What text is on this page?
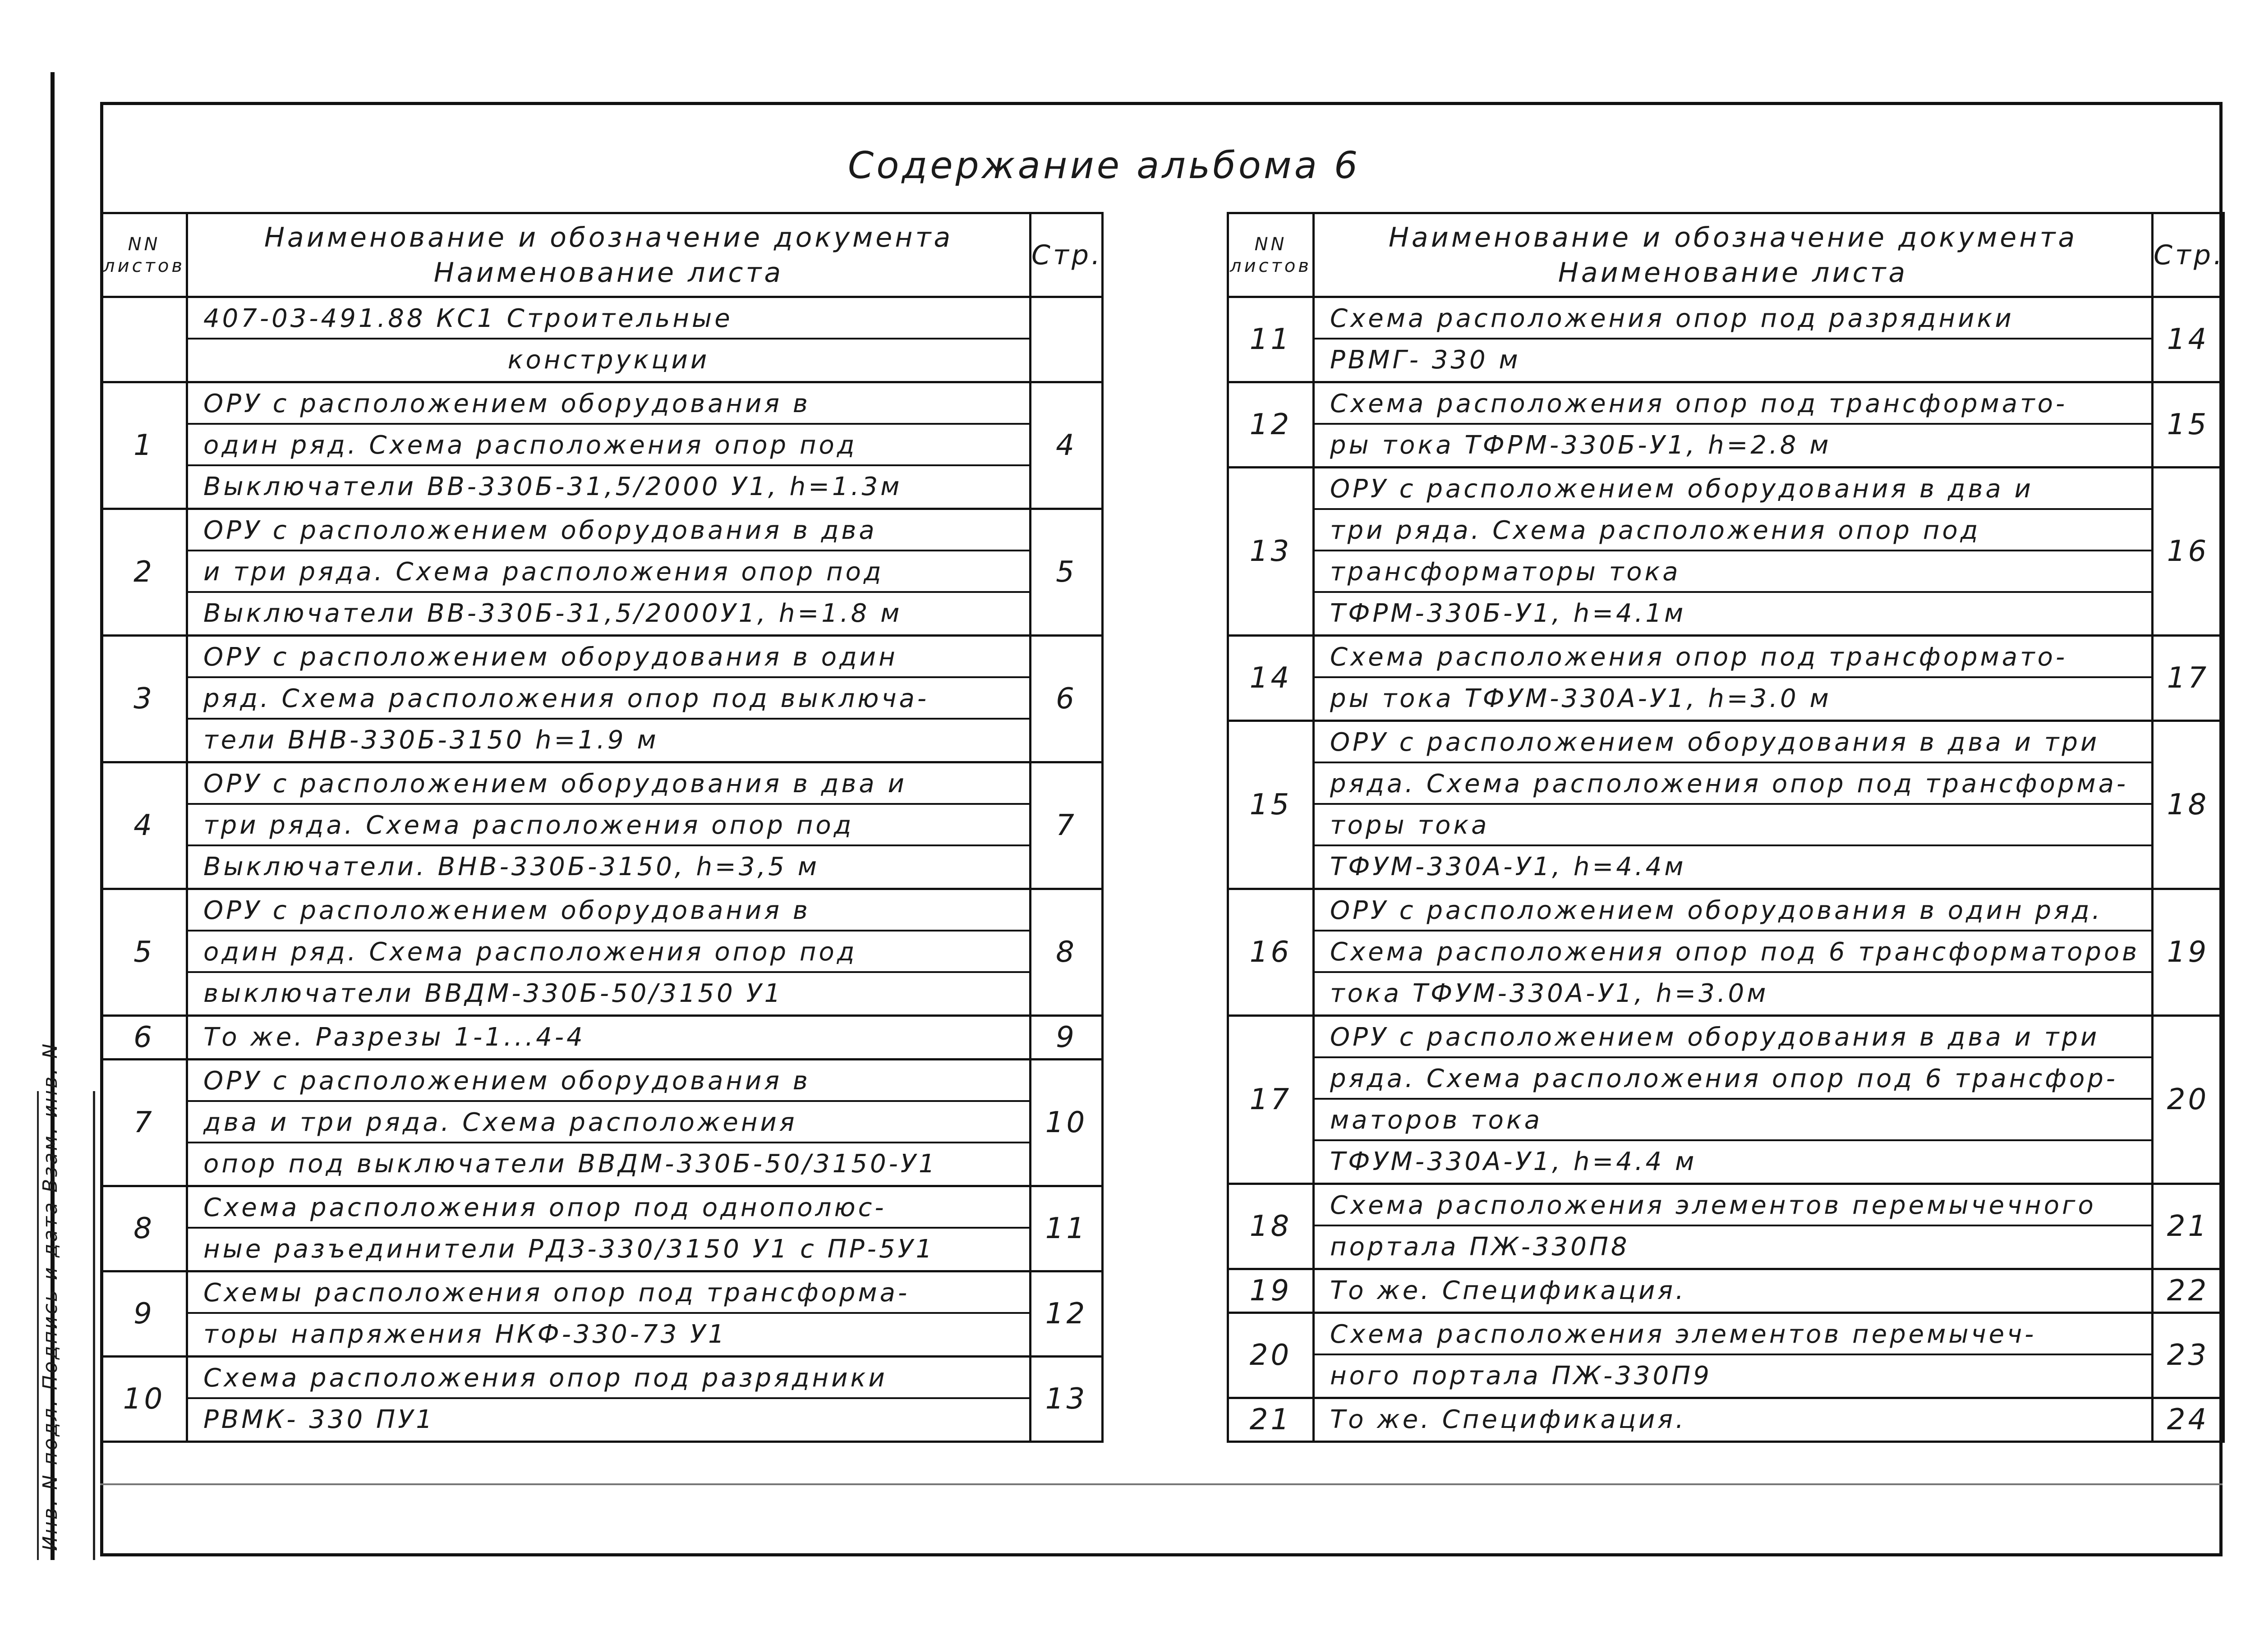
Инв. N подл. Подпись и дата Взам. инв. N
Содержание альбома 6
NN листов	Наименование и обозначение документа
Наименование листа	Стр.

	407-03-491.88 КС1 Строительные
конструкции	

1	ОРУ с расположением оборудования в
один ряд. Схема расположения опор под
Выключатели ВВ-330Б-31,5/2000 У1, h=1.3м	4
2	ОРУ с расположением оборудования в два
и три ряда. Схема расположения опор под
Выключатели ВВ-330Б-31,5/2000У1, h=1.8 м	5
3	ОРУ с расположением оборудования в один
ряд. Схема расположения опор под выключа-
тели ВНВ-330Б-3150 h=1.9 м	6
4	ОРУ с расположением оборудования в два и
три ряда. Схема расположения опор под
Выключатели. ВНВ-330Б-3150, h=3,5 м	7
5	ОРУ с расположением оборудования в
один ряд. Схема расположения опор под
выключатели ВВДМ-330Б-50/3150 У1	8
6	То же. Разрезы 1-1...4-4	9
7	ОРУ с расположением оборудования в
два и три ряда. Схема расположения
опор под выключатели ВВДМ-330Б-50/3150-У1	10
8	Схема расположения опор под однополюс-
ные разъединители РДЗ-330/3150 У1 с ПР-5У1	11
9	Схемы расположения опор под трансформа-
торы напряжения НКФ-330-73 У1	12
10	Схема расположения опор под разрядники
РВМК- 330 ПУ1	13
NN листов	Наименование и обозначение документа
Наименование листа	Стр.
11	Схема расположения опор под разрядники
РВМГ- 330 м	14
12	Схема расположения опор под трансформато-
ры тока ТФРМ-330Б-У1, h=2.8 м	15
13	ОРУ с расположением оборудования в два и
три ряда. Схема расположения опор под
трансформаторы тока
ТФРМ-330Б-У1, h=4.1м	16
14	Схема расположения опор под трансформато-
ры тока ТФУМ-330А-У1, h=3.0 м	17
15	ОРУ с расположением оборудования в два и три
ряда. Схема расположения опор под трансформа-
торы тока
ТФУМ-330А-У1, h=4.4м	18
16	ОРУ с расположением оборудования в один ряд.
Схема расположения опор под 6 трансформаторов
тока ТФУМ-330А-У1, h=3.0м	19
17	ОРУ с расположением оборудования в два и три
ряда. Схема расположения опор под 6 трансфор-
маторов тока
ТФУМ-330А-У1, h=4.4 м	20
18	Схема расположения элементов перемычечного
портала ПЖ-330П8	21
19	То же. Спецификация.	22
20	Схема расположения элементов перемычеч-
ного портала ПЖ-330П9	23
21	То же. Спецификация.	24
